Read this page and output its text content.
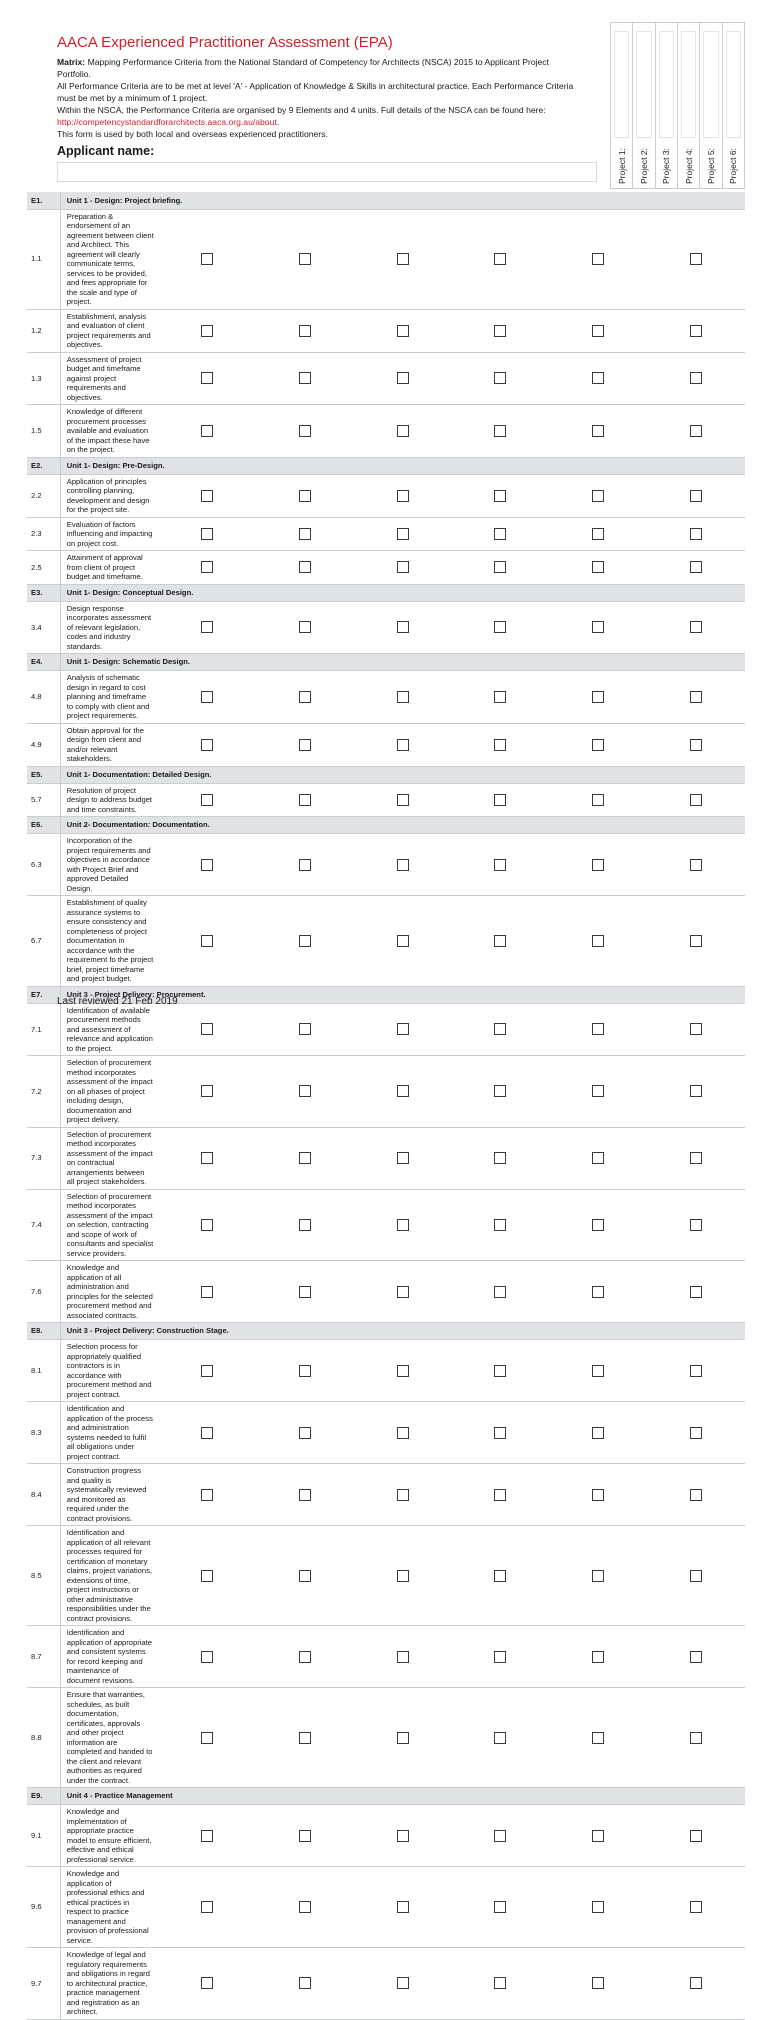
AACA Experienced Practitioner Assessment (EPA)
Matrix: Mapping Performance Criteria from the National Standard of Competency for Architects (NSCA) 2015 to Applicant Project Portfolio.
All Performance Criteria are to be met at level 'A' - Application of Knowledge & Skills in architectural practice. Each Performance Criteria must be met by a minimum of 1 project.
Within the NSCA, the Performance Criteria are organised by 9 Elements and 4 units. Full details of the NSCA can be found here: http://competencystandardforarchitects.aaca.org.au/about.
This form is used by both local and overseas experienced practitioners.
Applicant name:	Project 1: Project 2: Project 3: Project 4: Project 5: Project 6:
E1.	Unit 1 - Design: Project briefing.						
1.1	Preparation & endorsement of an agreement between client and Architect. This agreement will clearly communicate terms, services to be provided, and fees appropriate for the scale and type of project.						
1.2	Establishment, analysis and evaluation of client project requirements and objectives.						
1.3	Assessment of project budget and timeframe against project requirements and objectives.						
1.5	Knowledge of different procurement processes available and evaluation of the impact these have on the project.						
E2.	Unit 1- Design: Pre-Design.						
2.2	Application of principles controlling planning, development and design for the project site.						
2.3	Evaluation of factors influencing and impacting on project cost.						
2.5	Attainment of approval from client of project budget and timeframe.						
E3.	Unit 1- Design: Conceptual Design.						
3.4	Design response incorporates assessment of relevant legislation, codes and industry standards.						
E4.	Unit 1- Design: Schematic Design.						
4.8	Analysis of schematic design in regard to cost planning and timeframe to comply with client and project requirements.						
4.9	Obtain approval for the design from client and and/or relevant stakeholders.						
E5.	Unit 1- Documentation: Detailed Design.						
5.7	Resolution of project design to address budget and time constraints.						
E6.	Unit 2- Documentation: Documentation.						
6.3	Incorporation of the project requirements and objectives in accordance with Project Brief and approved Detailed Design.						
6.7	Establishment of quality assurance systems to ensure consistency and completeness of project documentation in accordance with the requirement fo the project brief, project timeframe and project budget.						
E7.	Unit 3 - Project Delivery: Procurement.						
7.1	Identification of available procurement methods and assessment of relevance and application to the project.						
7.2	Selection of procurement method incorporates assessment of the impact on all phases of project including design, documentation and project delivery.						
7.3	Selection of procurement method incorporates assessment of the impact on contractual arrangements between all project stakeholders.						
7.4	Selection of procurement method incorporates assessment of the impact on selection, contracting and scope of work of consultants and specialist service providers.						
7.6	Knowledge and application of all administration and principles for the selected procurement method and associated contracts.						
E8.	Unit 3 - Project Delivery: Construction Stage.						
8.1	Selection process for appropriately qualified contractors is in accordance with procurement method and project contract.						
8.3	Identification and application of the process and administration systems needed to fulfil all obligations under project contract.						
8.4	Construction progress and quality is systematically reviewed and monitored as required under the contract provisions.						
8.5	Identification and application of all relevant processes required for certification of monetary claims, project variations, extensions of time, project instructions or other administrative responsibilities under the contract provisions.						
8.7	Identification and application of appropriate and consistent systems for record keeping and maintenance of document revisions.						
8.8	Ensure that warranties, schedules, as built documentation, certificates, approvals and other project information are completed and handed to the client and relevant authorities as required under the contract.						
E9.	Unit 4 - Practice Management						
9.1	Knowledge and implementation of appropriate practice model to ensure efficient, effective and ethical professional service.						
9.6	Knowledge and application of professional ethics and ethical practices in respect to practice management and provision of professional service.						
9.7	Knowledge of legal and regulatory requirements and obligations in regard to architectural practice, practice management and registration as an architect.						
Last reviewed 21 Feb 2019
